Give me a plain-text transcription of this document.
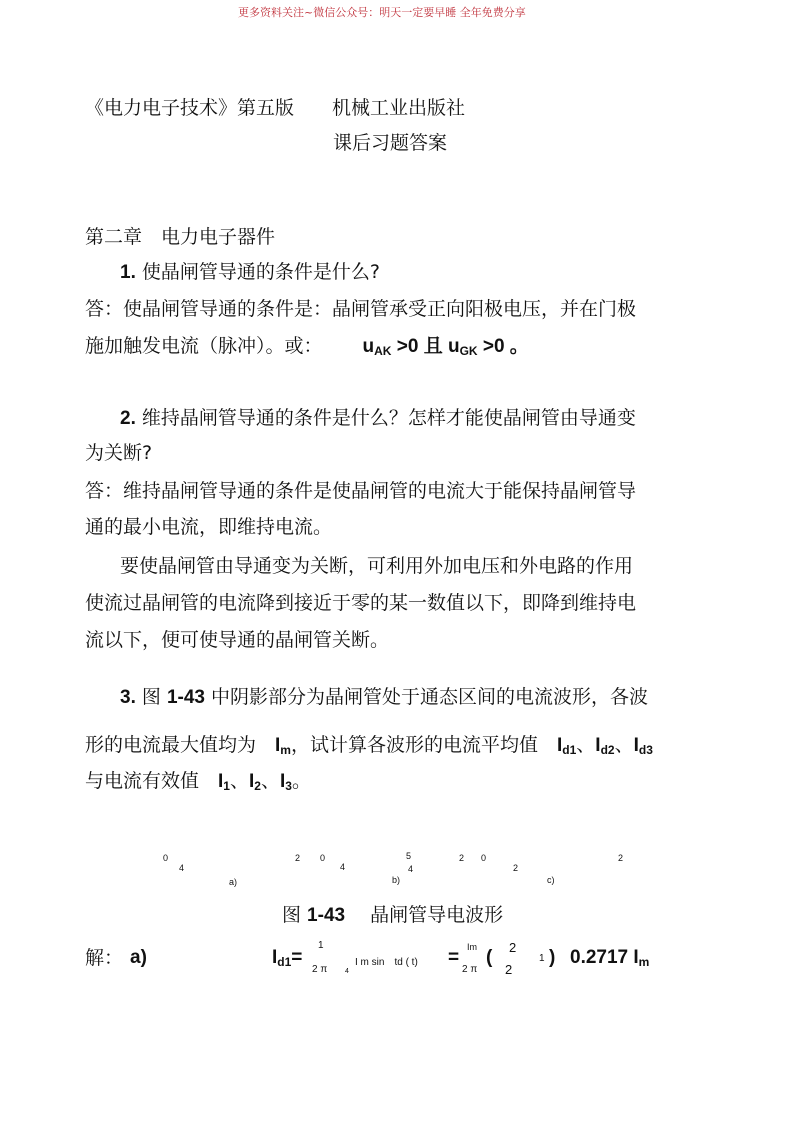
更多资料关注~微信公众号：明天一定要早睡 全年免费分享
《电力电子技术》第五版　　机械工业出版社
课后习题答案
第二章　电力电子器件
1. 使晶闸管导通的条件是什么?
答：使晶闸管导通的条件是：晶闸管承受正向阳极电压，并在门极
施加触发电流（脉冲）。或： $u_{AK} >0$ 且 $u_{GK} >0$ 。
2. 维持晶闸管导通的条件是什么？怎样才能使晶闸管由导通变
为关断?
答：维持晶闸管导通的条件是使晶闸管的电流大于能保持晶闸管导
通的最小电流，即维持电流。
要使晶闸管由导通变为关断，可利用外加电压和外电路的作用
使流过晶闸管的电流降到接近于零的某一数值以下，即降到维持电
流以下，便可使导通的晶闸管关断。
3. 图 1-43 中阴影部分为晶闸管处于通态区间的电流波形，各波
形的电流最大值均为　$I_m$，试计算各波形的电流平均值　$I_{d1}$、$I_{d2}$、$I_{d3}$
与电流有效值　$I_1$、$I_2$、$I_3$。
0
4
2 0
4
5
4
2 0
2
2
a)	b)	c)
图 1-43　 晶闸管导电波形
解： a)	$I_{d1}=$
1
2 π	4
I m sin　td ( t) = Im
2 π
( 2
2
1 ) 0.2717 $I_m$
